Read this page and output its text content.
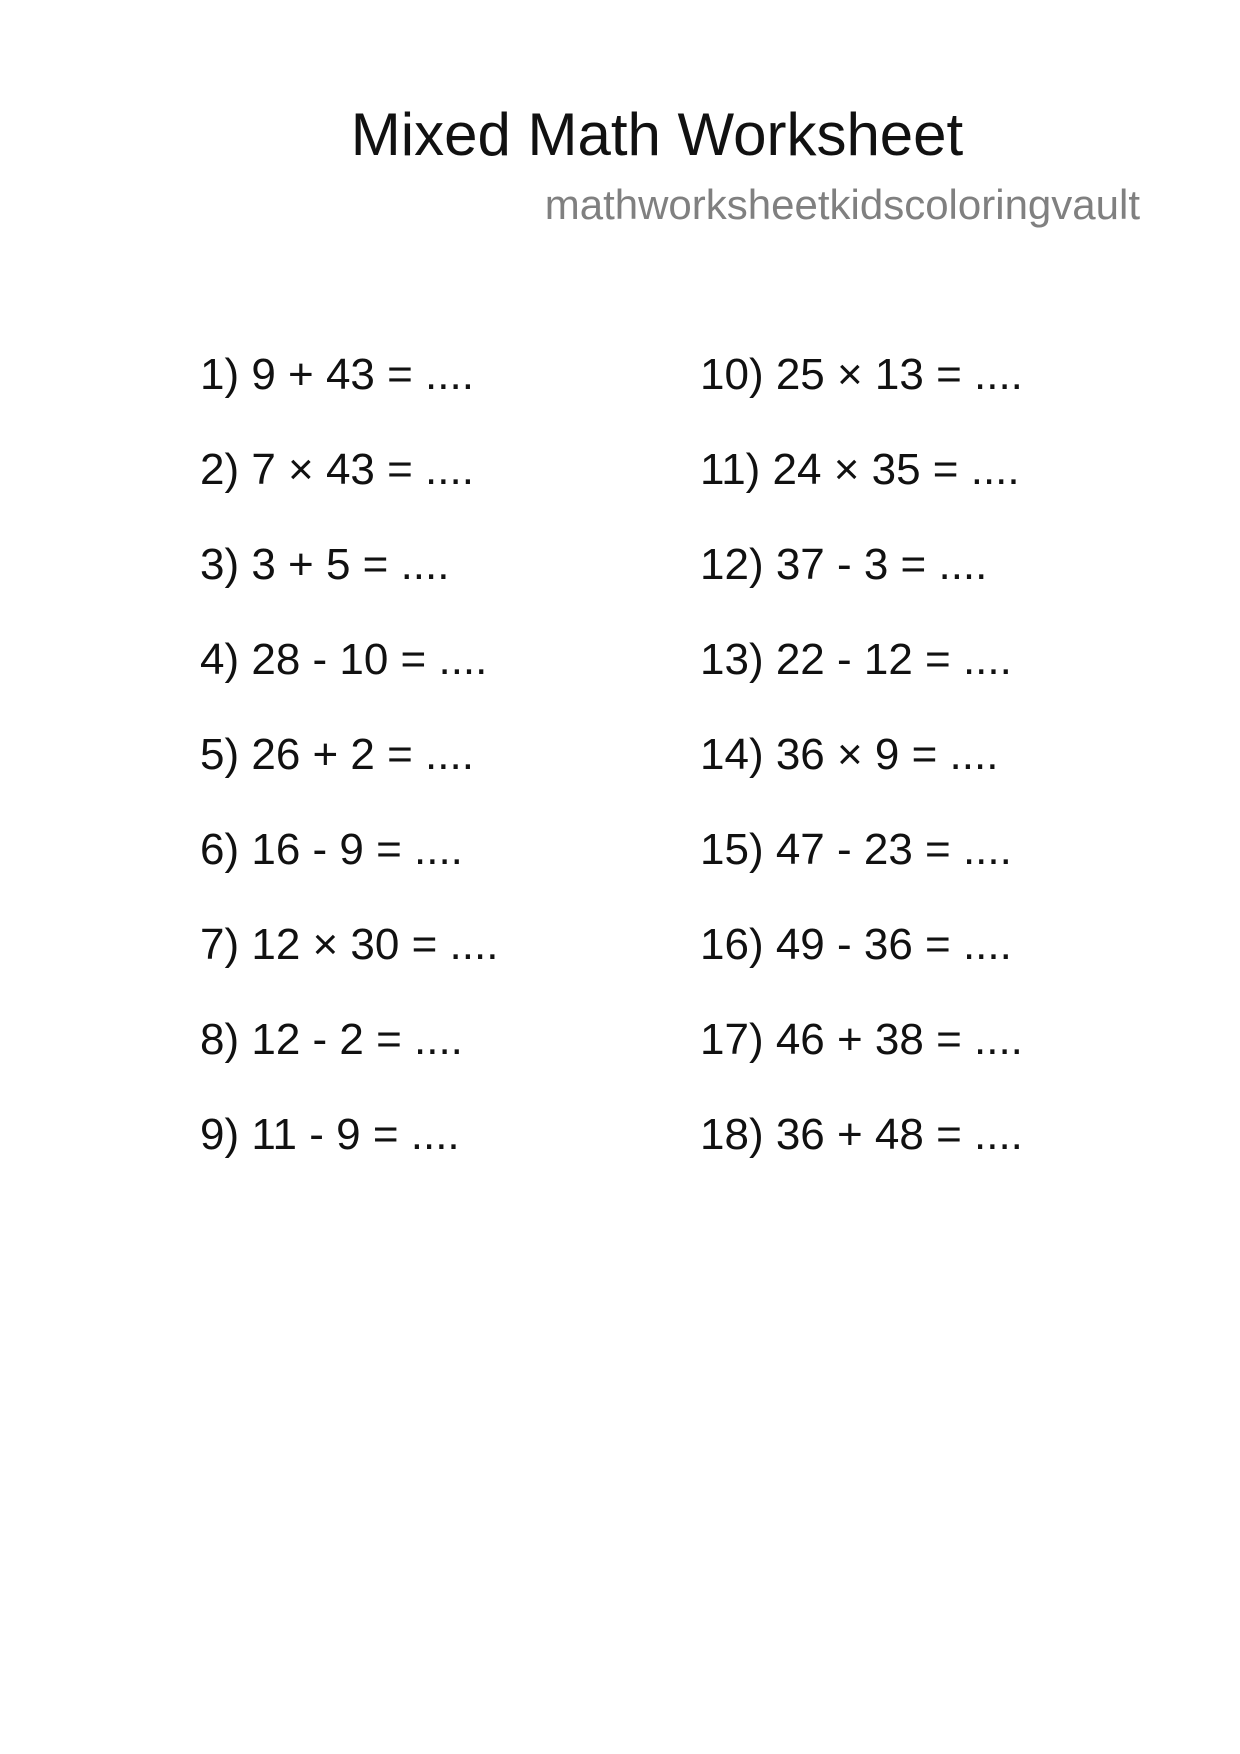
Mixed Math Worksheet
mathworksheetkidscoloringvault
1) 9 + 43 = ....
2) 7 × 43 = ....
3) 3 + 5 = ....
4) 28 - 10 = ....
5) 26 + 2 = ....
6) 16 - 9 = ....
7) 12 × 30 = ....
8) 12 - 2 = ....
9) 11 - 9 = ....
10) 25 × 13 = ....
11) 24 × 35 = ....
12) 37 - 3 = ....
13) 22 - 12 = ....
14) 36 × 9 = ....
15) 47 - 23 = ....
16) 49 - 36 = ....
17) 46 + 38 = ....
18) 36 + 48 = ....
